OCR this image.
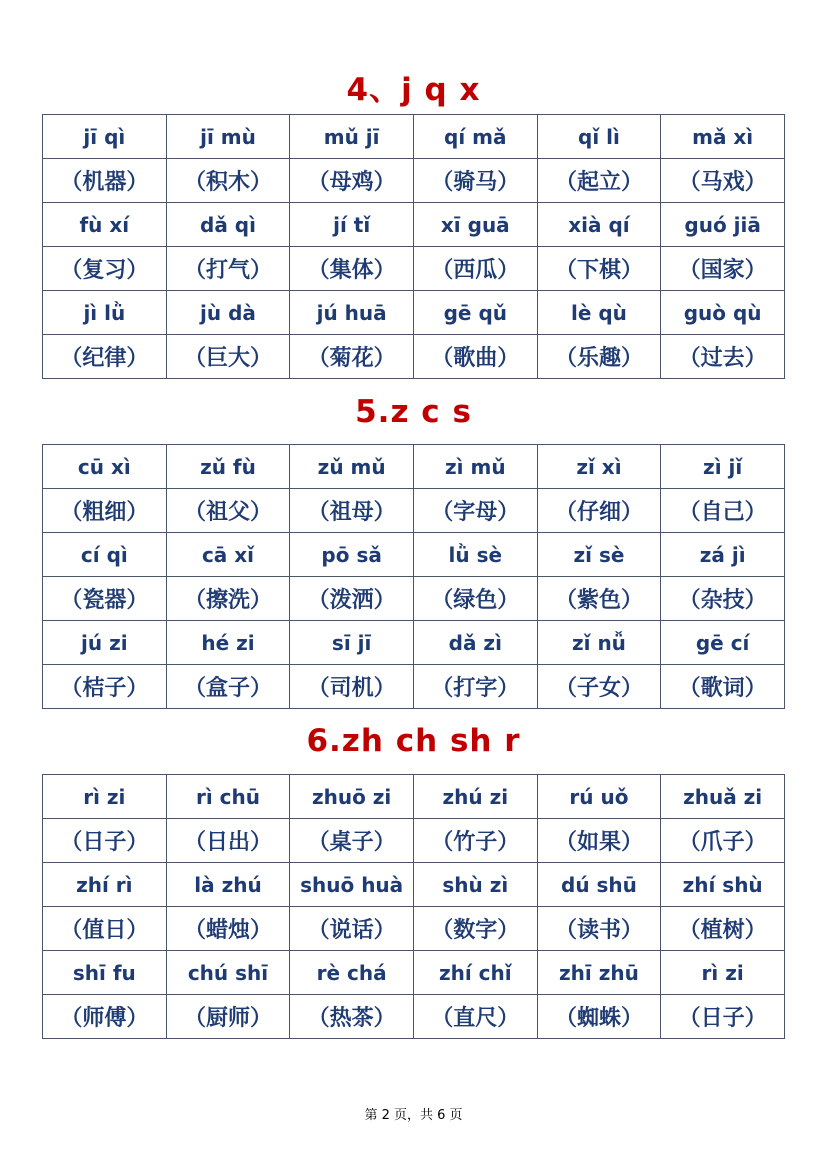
4、j q x
jī qì	jī mù	mǔ jī	qí mǎ	qǐ lì	mǎ xì
（机器）	（积木）	（母鸡）	（骑马）	（起立）	（马戏）
fù xí	dǎ qì	jí tǐ	xī guā	xià qí	guó jiā
（复习）	（打气）	（集体）	（西瓜）	（下棋）	（国家）
jì lǜ	jù dà	jú huā	gē qǔ	lè qù	guò qù
（纪律）	（巨大）	（菊花）	（歌曲）	（乐趣）	（过去）
5.z c s
cū xì	zǔ fù	zǔ mǔ	zì mǔ	zǐ xì	zì jǐ
（粗细）	（祖父）	（祖母）	（字母）	（仔细）	（自己）
cí qì	cā xǐ	pō sǎ	lǜ sè	zǐ sè	zá jì
（瓷器）	（擦洗）	（泼洒）	（绿色）	（紫色）	（杂技）
jú zi	hé zi	sī jī	dǎ zì	zǐ nǚ	gē cí
（桔子）	（盒子）	（司机）	（打字）	（子女）	（歌词）
6.zh ch sh r
rì zi	rì chū	zhuō zi	zhú zi	rú uǒ	zhuǎ zi
（日子）	（日出）	（桌子）	（竹子）	（如果）	（爪子）
zhí rì	là zhú	shuō huà	shù zì	dú shū	zhí shù
（值日）	（蜡烛）	（说话）	（数字）	（读书）	（植树）
shī fu	chú shī	rè chá	zhí chǐ	zhī zhū	rì zi
（师傅）	（厨师）	（热茶）	（直尺）	（蜘蛛）	（日子）
第 2 页，共 6 页
